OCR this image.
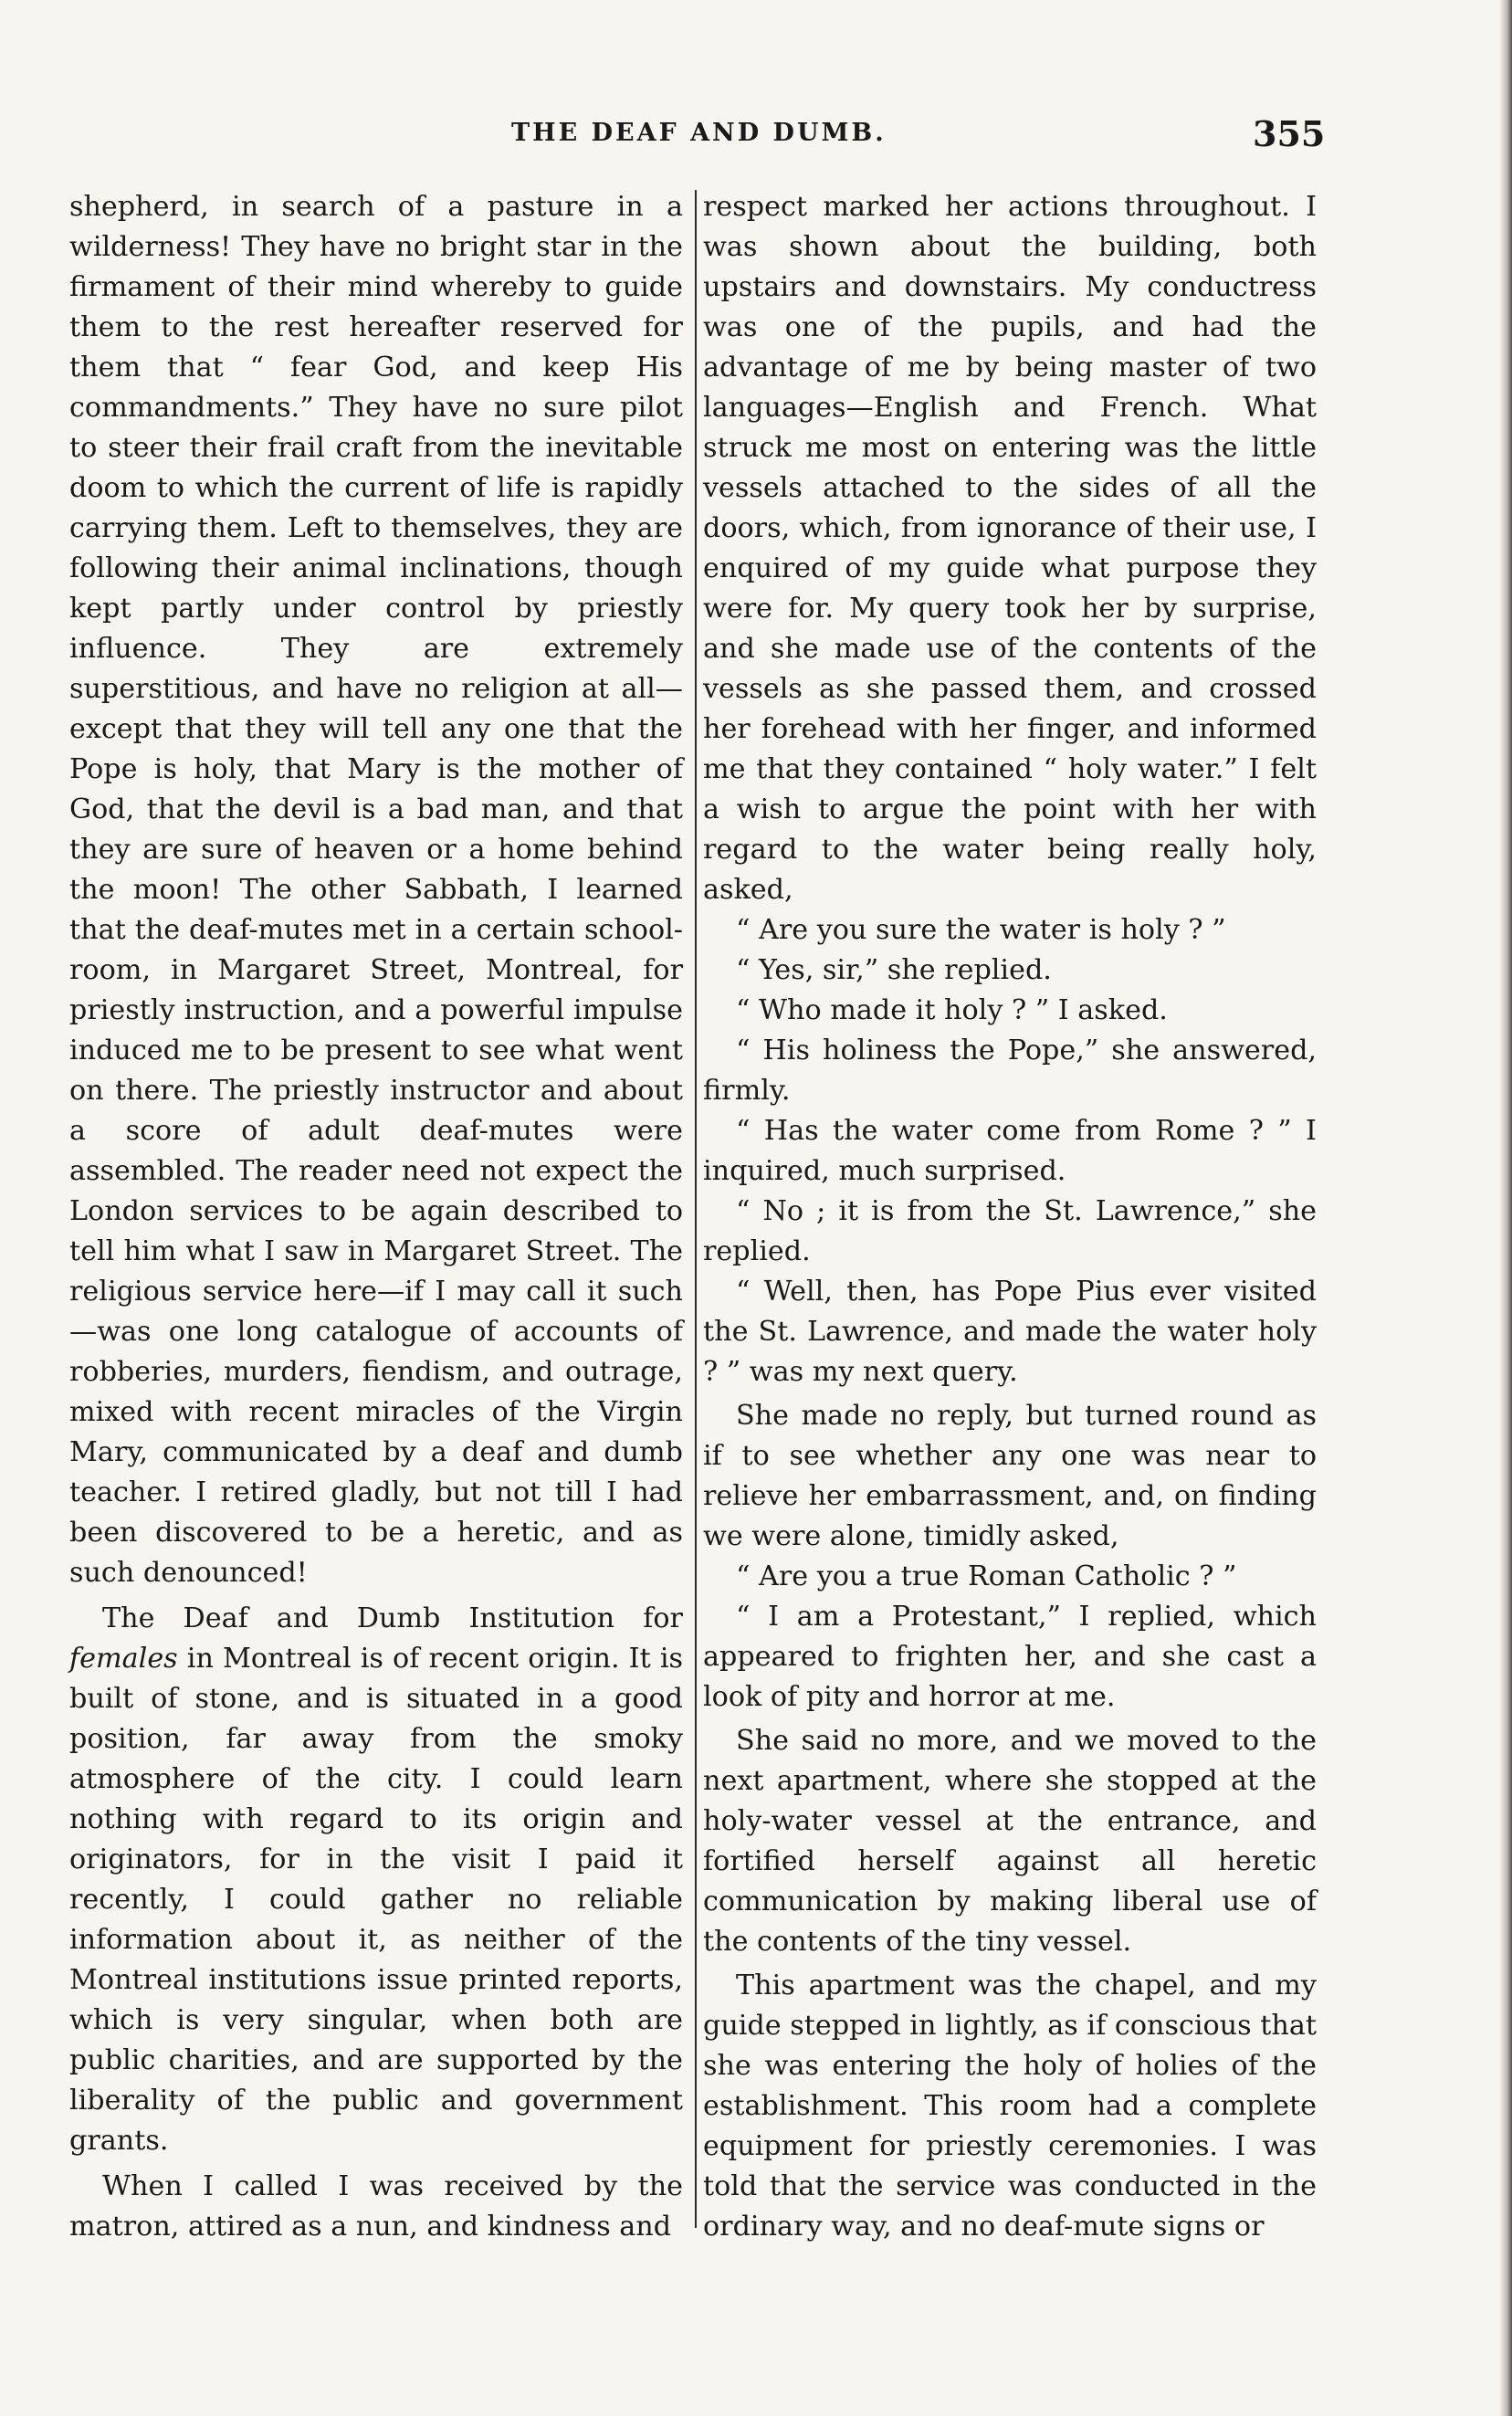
THE DEAF AND DUMB.	355

shepherd, in search of a pasture in a wilderness! They have no bright star in the firmament of their mind whereby to guide them to the rest hereafter reserved for them that “ fear God, and keep His commandments.” They have no sure pilot to steer their frail craft from the inevitable doom to which the current of life is rapidly carrying them. Left to themselves, they are following their animal inclinations, though kept partly under control by priestly influence. They are extremely superstitious, and have no religion at all—except that they will tell any one that the Pope is holy, that Mary is the mother of God, that the devil is a bad man, and that they are sure of heaven or a home behind the moon! The other Sabbath, I learned that the deaf-mutes met in a certain school-room, in Margaret Street, Montreal, for priestly instruction, and a powerful impulse induced me to be present to see what went on there. The priestly instructor and about a score of adult deaf-mutes were assembled. The reader need not expect the London services to be again described to tell him what I saw in Margaret Street. The religious service here—if I may call it such—was one long catalogue of accounts of robberies, murders, fiendism, and outrage, mixed with recent miracles of the Virgin Mary, communicated by a deaf and dumb teacher. I retired gladly, but not till I had been discovered to be a heretic, and as such denounced!

The Deaf and Dumb Institution for females in Montreal is of recent origin. It is built of stone, and is situated in a good position, far away from the smoky atmosphere of the city. I could learn nothing with regard to its origin and originators, for in the visit I paid it recently, I could gather no reliable information about it, as neither of the Montreal institutions issue printed reports, which is very singular, when both are public charities, and are supported by the liberality of the public and government grants.

When I called I was received by the matron, attired as a nun, and kindness and

respect marked her actions throughout. I was shown about the building, both upstairs and downstairs. My conductress was one of the pupils, and had the advantage of me by being master of two languages—English and French. What struck me most on entering was the little vessels attached to the sides of all the doors, which, from ignorance of their use, I enquired of my guide what purpose they were for. My query took her by surprise, and she made use of the contents of the vessels as she passed them, and crossed her forehead with her finger, and informed me that they contained “ holy water.” I felt a wish to argue the point with her with regard to the water being really holy, asked,

“ Are you sure the water is holy ? ”

“ Yes, sir,” she replied.

“ Who made it holy ? ” I asked.

“ His holiness the Pope,” she answered, firmly.

“ Has the water come from Rome ? ” I inquired, much surprised.

“ No ; it is from the St. Lawrence,” she replied.

“ Well, then, has Pope Pius ever visited the St. Lawrence, and made the water holy ? ” was my next query.

She made no reply, but turned round as if to see whether any one was near to relieve her embarrassment, and, on finding we were alone, timidly asked,

“ Are you a true Roman Catholic ? ”

“ I am a Protestant,” I replied, which appeared to frighten her, and she cast a look of pity and horror at me.

She said no more, and we moved to the next apartment, where she stopped at the holy-water vessel at the entrance, and fortified herself against all heretic communication by making liberal use of the contents of the tiny vessel.

This apartment was the chapel, and my guide stepped in lightly, as if conscious that she was entering the holy of holies of the establishment. This room had a complete equipment for priestly ceremonies. I was told that the service was conducted in the ordinary way, and no deaf-mute signs or
